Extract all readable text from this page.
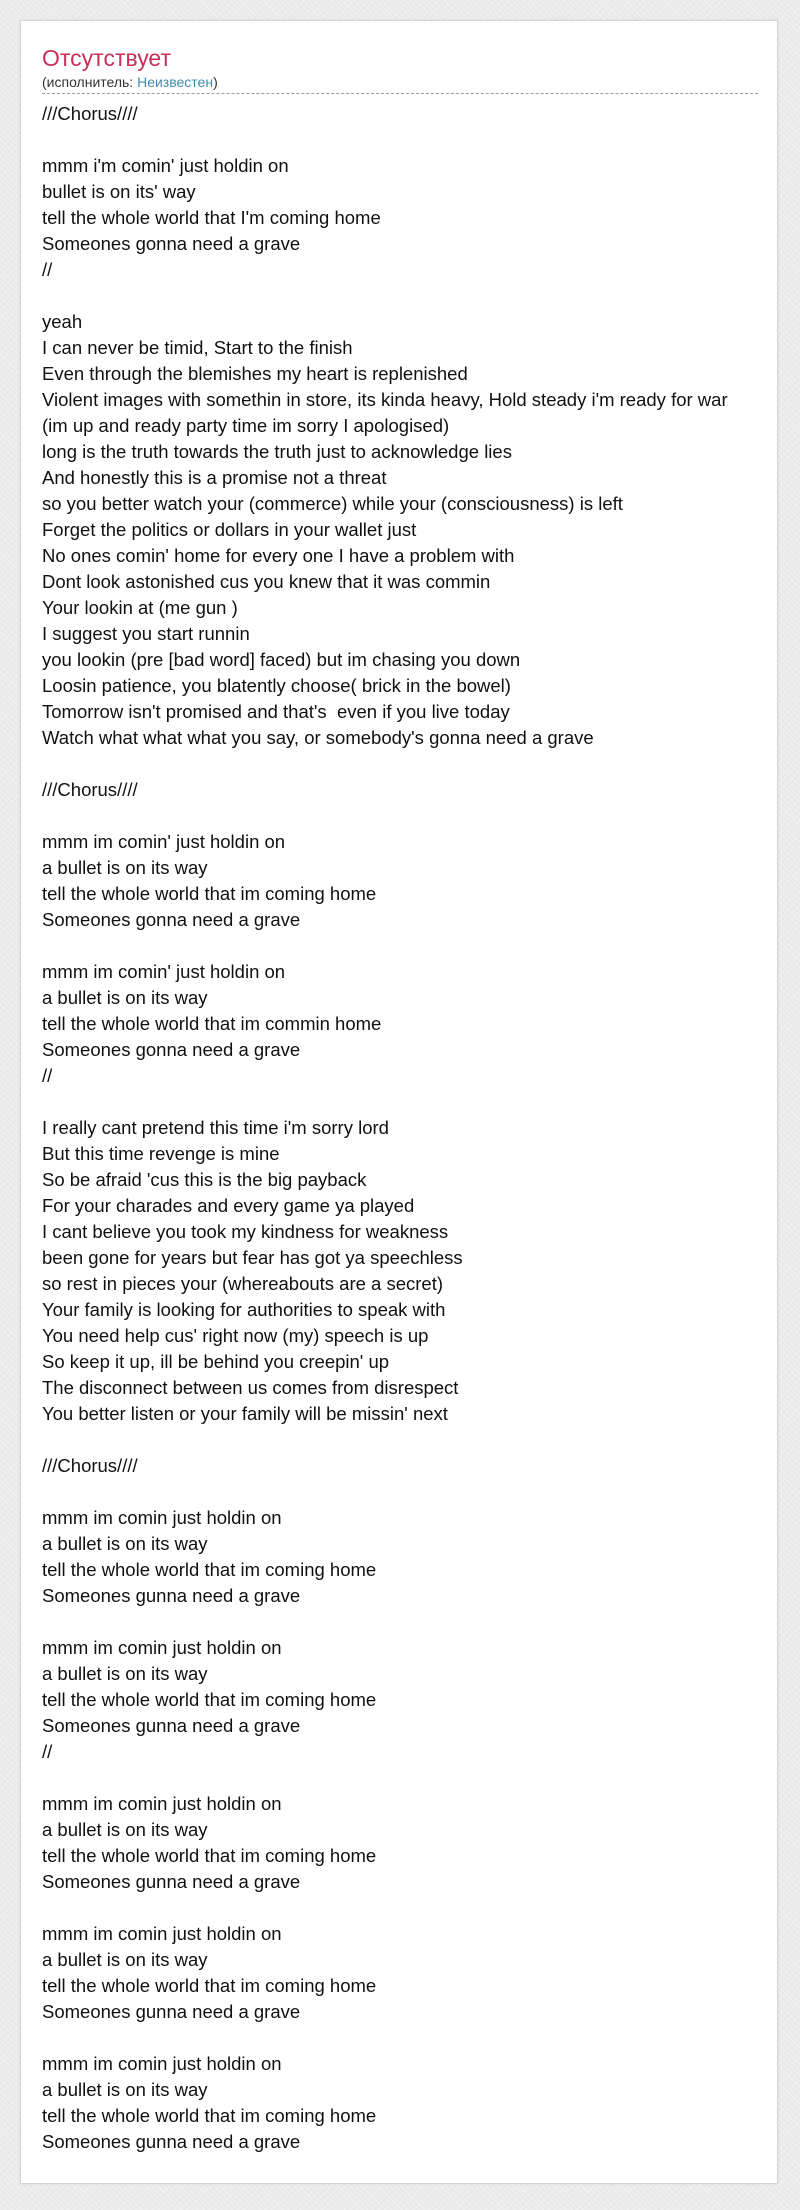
Отсутствует
(исполнитель: Неизвестен)
///Chorus////

mmm i'm comin' just holdin on
bullet is on its' way
tell the whole world that I'm coming home
Someones gonna need a grave
//

yeah
I can never be timid, Start to the finish
Even through the blemishes my heart is replenished
Violent images with somethin in store, its kinda heavy, Hold steady i'm ready for war
(im up and ready party time im sorry I apologised)
long is the truth towards the truth just to acknowledge lies
And honestly this is a promise not a threat
so you better watch your (commerce) while your (consciousness) is left
Forget the politics or dollars in your wallet just
No ones comin' home for every one I have a problem with
Dont look astonished cus you knew that it was commin
Your lookin at (me gun )
I suggest you start runnin
you lookin (pre [bad word] faced) but im chasing you down
Loosin patience, you blatently choose( brick in the bowel)
Tomorrow isn't promised and that's  even if you live today
Watch what what what you say, or somebody's gonna need a grave

///Chorus////

mmm im comin' just holdin on
a bullet is on its way
tell the whole world that im coming home
Someones gonna need a grave

mmm im comin' just holdin on
a bullet is on its way
tell the whole world that im commin home
Someones gonna need a grave
//

I really cant pretend this time i'm sorry lord
But this time revenge is mine
So be afraid 'cus this is the big payback
For your charades and every game ya played
I cant believe you took my kindness for weakness
been gone for years but fear has got ya speechless
so rest in pieces your (whereabouts are a secret)
Your family is looking for authorities to speak with
You need help cus' right now (my) speech is up
So keep it up, ill be behind you creepin' up
The disconnect between us comes from disrespect
You better listen or your family will be missin' next

///Chorus////

mmm im comin just holdin on
a bullet is on its way
tell the whole world that im coming home
Someones gunna need a grave

mmm im comin just holdin on
a bullet is on its way
tell the whole world that im coming home
Someones gunna need a grave
//

mmm im comin just holdin on
a bullet is on its way
tell the whole world that im coming home
Someones gunna need a grave

mmm im comin just holdin on
a bullet is on its way
tell the whole world that im coming home
Someones gunna need a grave

mmm im comin just holdin on
a bullet is on its way
tell the whole world that im coming home
Someones gunna need a grave
